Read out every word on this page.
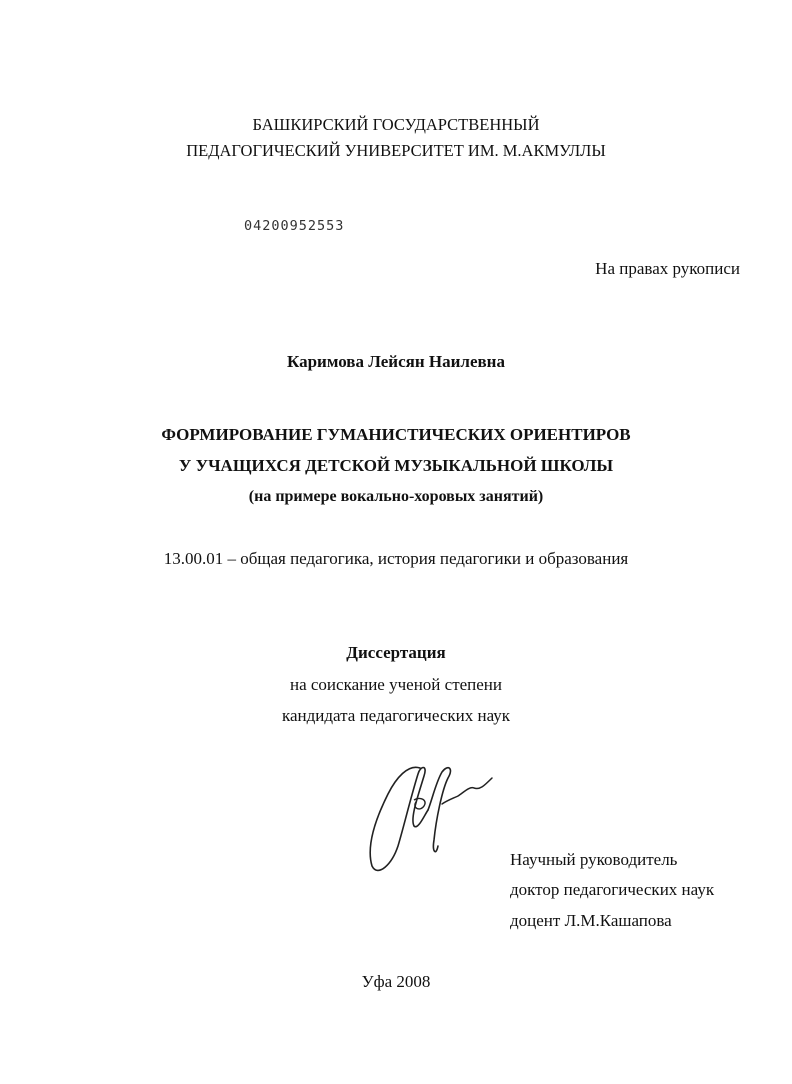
БАШКИРСКИЙ ГОСУДАРСТВЕННЫЙ
ПЕДАГОГИЧЕСКИЙ УНИВЕРСИТЕТ ИМ. М.АКМУЛЛЫ
04200952553
На правах рукописи
Каримова Лейсян Наилевна
ФОРМИРОВАНИЕ ГУМАНИСТИЧЕСКИХ ОРИЕНТИРОВ
У УЧАЩИХСЯ ДЕТСКОЙ МУЗЫКАЛЬНОЙ ШКОЛЫ
(на примере вокально-хоровых занятий)
13.00.01 – общая педагогика, история педагогики и образования
Диссертация
на соискание ученой степени
кандидата педагогических наук
Научный руководитель
доктор педагогических наук
доцент Л.М.Кашапова
Уфа 2008
